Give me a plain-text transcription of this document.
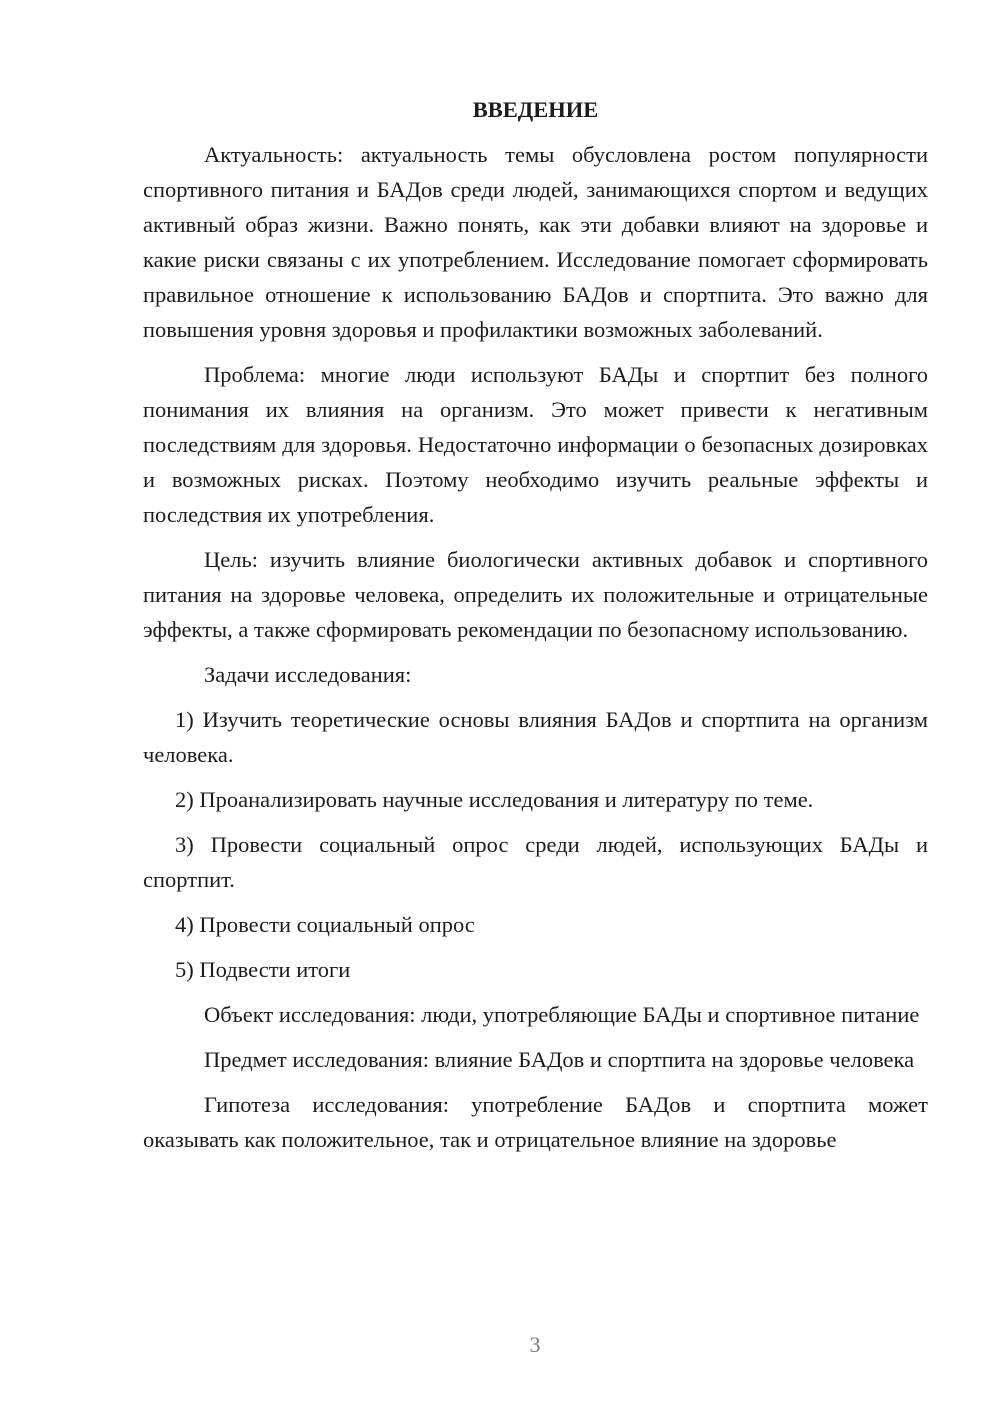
ВВЕДЕНИЕ

Актуальность: актуальность темы обусловлена ростом популярности спортивного питания и БАДов среди людей, занимающихся спортом и ведущих активный образ жизни. Важно понять, как эти добавки влияют на здоровье и какие риски связаны с их употреблением. Исследование помогает сформировать правильное отношение к использованию БАДов и спортпита. Это важно для повышения уровня здоровья и профилактики возможных заболеваний.

Проблема: многие люди используют БАДы и спортпит без полного понимания их влияния на организм. Это может привести к негативным последствиям для здоровья. Недостаточно информации о безопасных дозировках и возможных рисках. Поэтому необходимо изучить реальные эффекты и последствия их употребления.

Цель: изучить влияние биологически активных добавок и спортивного питания на здоровье человека, определить их положительные и отрицательные эффекты, а также сформировать рекомендации по безопасному использованию.

Задачи исследования:

1) Изучить теоретические основы влияния БАДов и спортпита на организм человека.

2) Проанализировать научные исследования и литературу по теме.

3) Провести социальный опрос среди людей, использующих БАДы и спортпит.

4) Провести социальный опрос

5) Подвести итоги

Объект исследования: люди, употребляющие БАДы и спортивное питание

Предмет исследования: влияние БАДов и спортпита на здоровье человека

Гипотеза исследования: употребление БАДов и спортпита может оказывать как положительное, так и отрицательное влияние на здоровье

3
